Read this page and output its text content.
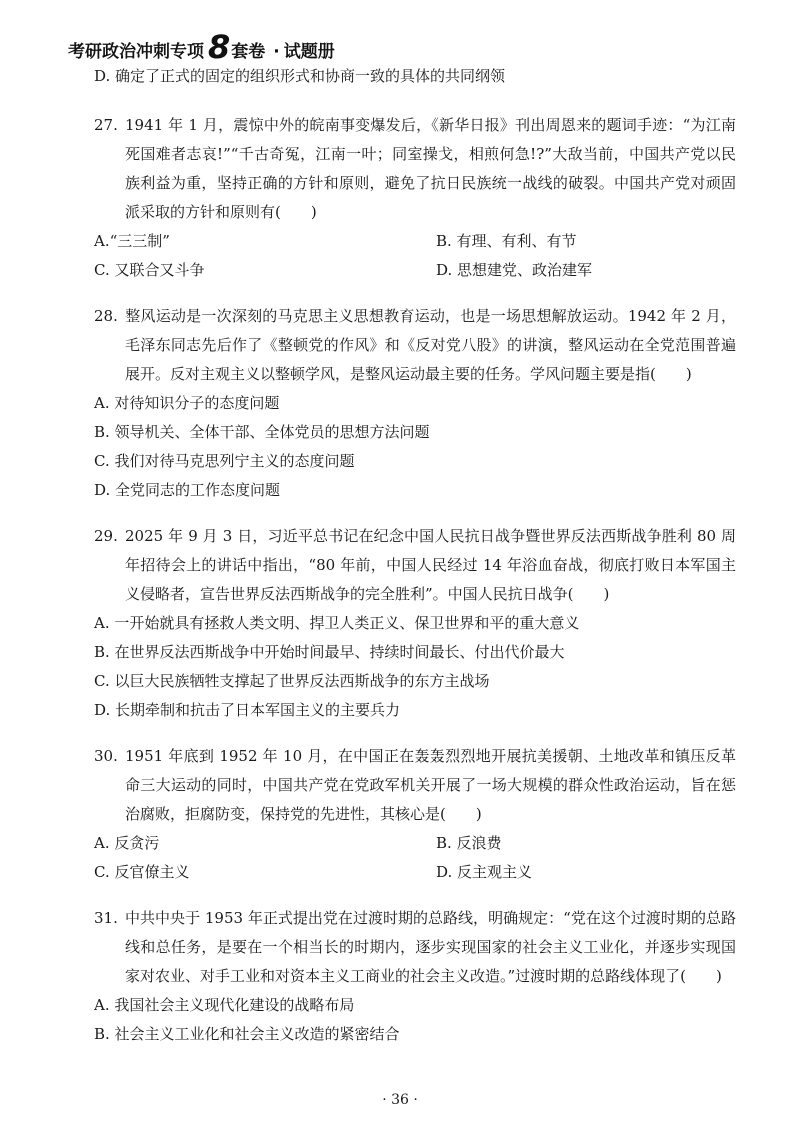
考研政治冲刺专项 8 套卷 · 试题册
D. 确定了正式的固定的组织形式和协商一致的具体的共同纲领
27. 1941 年 1 月，震惊中外的皖南事变爆发后，《新华日报》刊出周恩来的题词手迹：“为江南死国难者志哀!”“千古奇冤，江南一叶；同室操戈，相煎何急!?”大敌当前，中国共产党以民族利益为重，坚持正确的方针和原则，避免了抗日民族统一战线的破裂。中国共产党对顽固派采取的方针和原则有(　　)
A.“三三制”	B. 有理、有利、有节
C. 又联合又斗争	D. 思想建党、政治建军
28. 整风运动是一次深刻的马克思主义思想教育运动，也是一场思想解放运动。1942 年 2 月，毛泽东同志先后作了《整顿党的作风》和《反对党八股》的讲演，整风运动在全党范围普遍展开。反对主观主义以整顿学风，是整风运动最主要的任务。学风问题主要是指(　　)
A. 对待知识分子的态度问题
B. 领导机关、全体干部、全体党员的思想方法问题
C. 我们对待马克思列宁主义的态度问题
D. 全党同志的工作态度问题
29. 2025 年 9 月 3 日，习近平总书记在纪念中国人民抗日战争暨世界反法西斯战争胜利 80 周年招待会上的讲话中指出，“80 年前，中国人民经过 14 年浴血奋战，彻底打败日本军国主义侵略者，宣告世界反法西斯战争的完全胜利”。中国人民抗日战争(　　)
A. 一开始就具有拯救人类文明、捍卫人类正义、保卫世界和平的重大意义
B. 在世界反法西斯战争中开始时间最早、持续时间最长、付出代价最大
C. 以巨大民族牺牲支撑起了世界反法西斯战争的东方主战场
D. 长期牵制和抗击了日本军国主义的主要兵力
30. 1951 年底到 1952 年 10 月，在中国正在轰轰烈烈地开展抗美援朝、土地改革和镇压反革命三大运动的同时，中国共产党在党政军机关开展了一场大规模的群众性政治运动，旨在惩治腐败，拒腐防变，保持党的先进性，其核心是(　　)
A. 反贪污	B. 反浪费
C. 反官僚主义	D. 反主观主义
31. 中共中央于 1953 年正式提出党在过渡时期的总路线，明确规定：“党在这个过渡时期的总路线和总任务，是要在一个相当长的时期内，逐步实现国家的社会主义工业化，并逐步实现国家对农业、对手工业和对资本主义工商业的社会主义改造。”过渡时期的总路线体现了(　　)
A. 我国社会主义现代化建设的战略布局
B. 社会主义工业化和社会主义改造的紧密结合
· 36 ·
